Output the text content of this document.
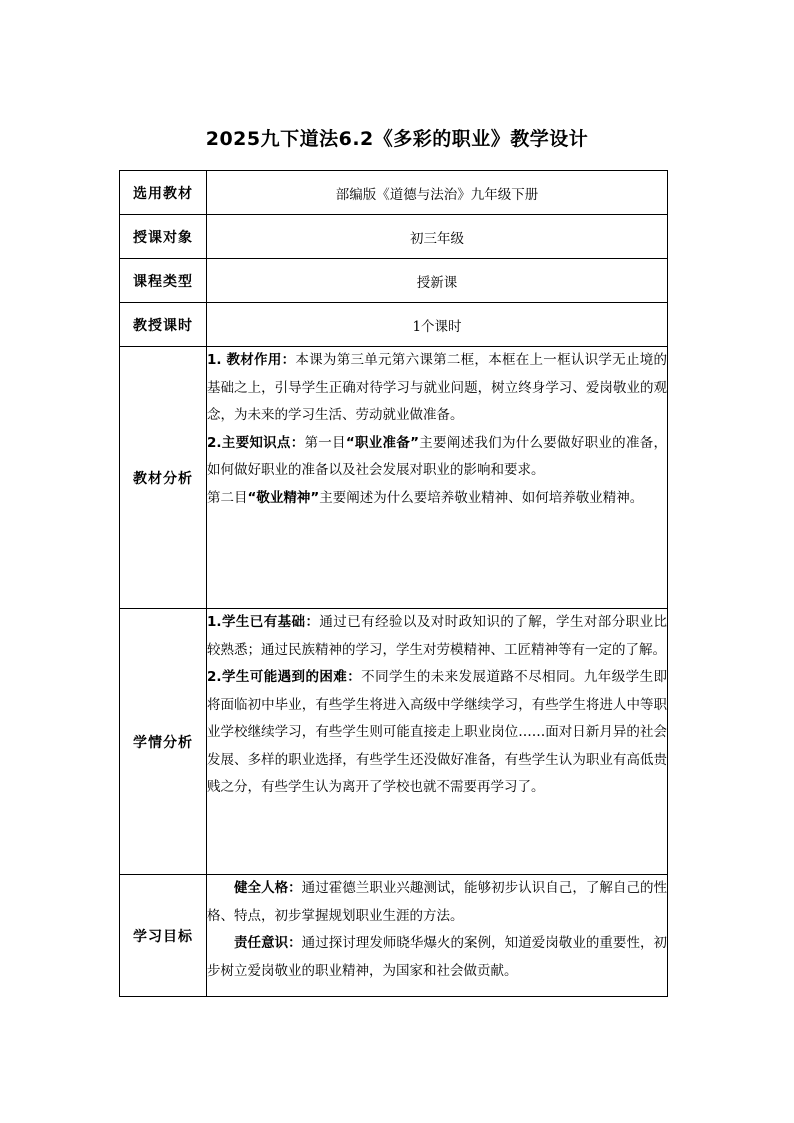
2025九下道法6.2《多彩的职业》教学设计
选用教材	部编版《道德与法治》九年级下册
授课对象	初三年级
课程类型	授新课
教授课时	1个课时
教材分析	1. 教材作用：本课为第三单元第六课第二框，本框在上一框认识学无止境的基础之上，引导学生正确对待学习与就业问题，树立终身学习、爱岗敬业的观念，为未来的学习生活、劳动就业做准备。

2.主要知识点：第一目“职业准备”主要阐述我们为什么要做好职业的准备，如何做好职业的准备以及社会发展对职业的影响和要求。

第二目“敬业精神”主要阐述为什么要培养敬业精神、如何培养敬业精神。

学情分析	1.学生已有基础：通过已有经验以及对时政知识的了解，学生对部分职业比较熟悉；通过民族精神的学习，学生对劳模精神、工匠精神等有一定的了解。

2.学生可能遇到的困难：不同学生的未来发展道路不尽相同。九年级学生即将面临初中毕业，有些学生将进入高级中学继续学习，有些学生将进人中等职业学校继续学习，有些学生则可能直接走上职业岗位……面对日新月异的社会发展、多样的职业选择，有些学生还没做好准备，有些学生认为职业有高低贵贱之分，有些学生认为离开了学校也就不需要再学习了。

学习目标	健全人格：通过霍德兰职业兴趣测试，能够初步认识自己，了解自己的性格、特点，初步掌握规划职业生涯的方法。

责任意识：通过探讨理发师晓华爆火的案例，知道爱岗敬业的重要性，初步树立爱岗敬业的职业精神，为国家和社会做贡献。
